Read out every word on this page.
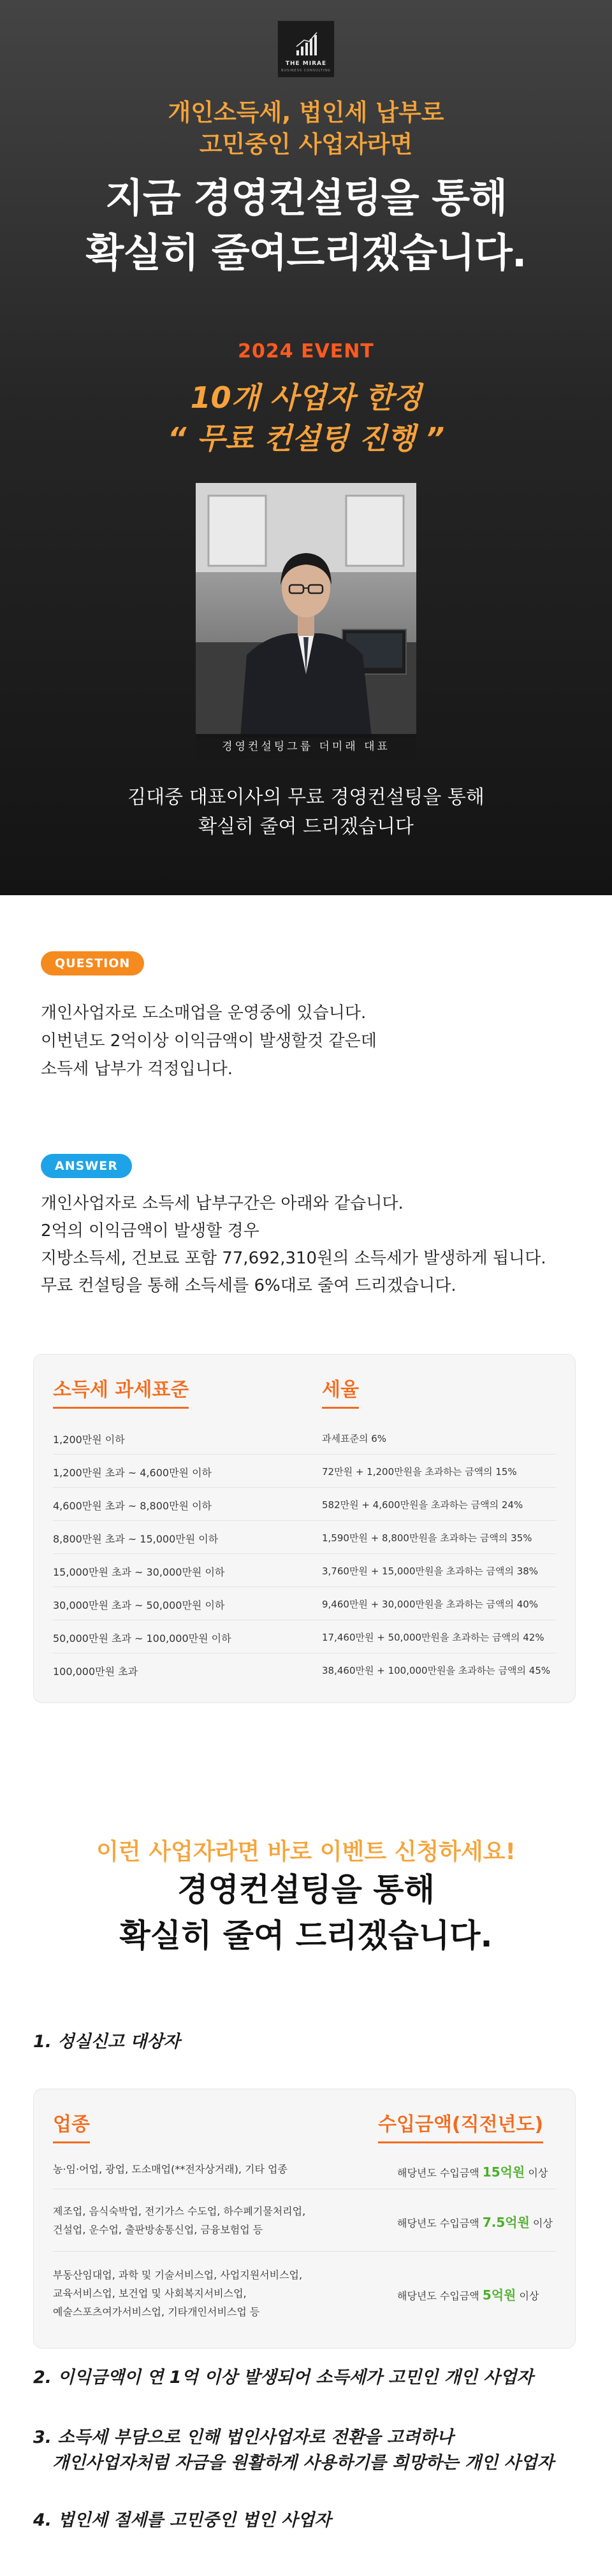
THE MIRAE
BUSINESS CONSULTING
개인소득세, 법인세 납부로
고민중인 사업자라면
지금 경영컨설팅을 통해
확실히 줄여드리겠습니다.
2024 EVENT
10개 사업자 한정
“ 무료 컨설팅 진행 ”
경영컨설팅그룹 더미래 대표
김대중 대표이사의 무료 경영컨설팅을 통해
확실히 줄여 드리겠습니다
QUESTION
개인사업자로 도소매업을 운영중에 있습니다.
이번년도 2억이상 이익금액이 발생할것 같은데
소득세 납부가 걱정입니다.
ANSWER
개인사업자로 소득세 납부구간은 아래와 같습니다.
2억의 이익금액이 발생할 경우
지방소득세, 건보료 포함 77,692,310원의 소득세가 발생하게 됩니다.
무료 컨설팅을 통해 소득세를 6%대로 줄여 드리겠습니다.
소득세 과세표준	세율
1,200만원 이하	과세표준의 6%
1,200만원 초과 ~ 4,600만원 이하	72만원 + 1,200만원을 초과하는 금액의 15%
4,600만원 초과 ~ 8,800만원 이하	582만원 + 4,600만원을 초과하는 금액의 24%
8,800만원 초과 ~ 15,000만원 이하	1,590만원 + 8,800만원을 초과하는 금액의 35%
15,000만원 초과 ~ 30,000만원 이하	3,760만원 + 15,000만원을 초과하는 금액의 38%
30,000만원 초과 ~ 50,000만원 이하	9,460만원 + 30,000만원을 초과하는 금액의 40%
50,000만원 초과 ~ 100,000만원 이하	17,460만원 + 50,000만원을 초과하는 금액의 42%
100,000만원 초과	38,460만원 + 100,000만원을 초과하는 금액의 45%
이런 사업자라면 바로 이벤트 신청하세요!
경영컨설팅을 통해
확실히 줄여 드리겠습니다.
1. 성실신고 대상자
업종	수입금액(직전년도)
농·임·어업, 광업, 도소매업(**전자상거래), 기타 업종	해당년도 수입금액 15억원 이상
제조업, 음식숙박업, 전기가스 수도업, 하수폐기물처리업,
건설업, 운수업, 출판방송통신업, 금융보험업 등
해당년도 수입금액 7.5억원 이상
부동산임대업, 과학 및 기술서비스업, 사업지원서비스업,
교육서비스업, 보건업 및 사회복지서비스업,
예술스포츠여가서비스업, 기타개인서비스업 등
해당년도 수입금액 5억원 이상
2. 이익금액이 연 1억 이상 발생되어 소득세가 고민인 개인 사업자
3. 소득세 부담으로 인해 법인사업자로 전환을 고려하나
개인사업자처럼 자금을 원활하게 사용하기를 희망하는 개인 사업자
4. 법인세 절세를 고민중인 법인 사업자
